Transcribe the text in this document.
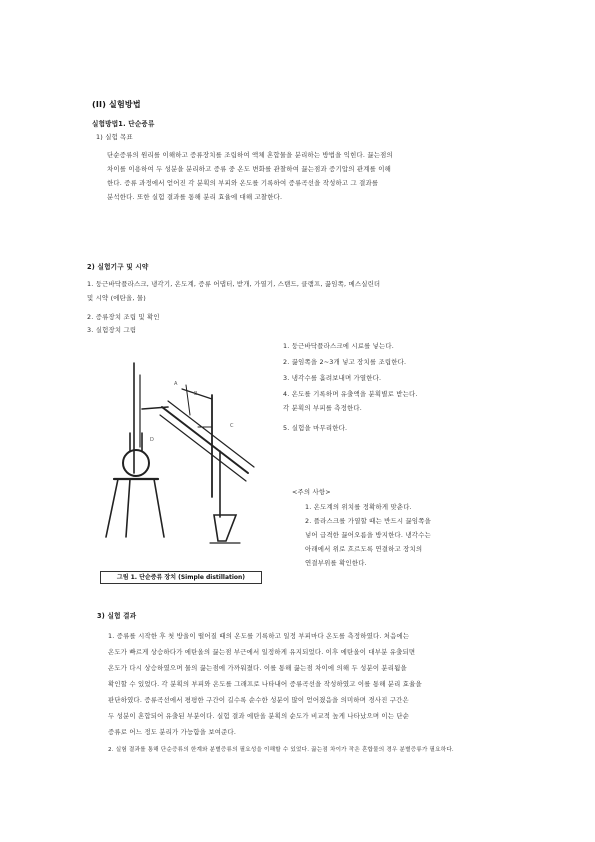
(II) 실험방법
실험방법1. 단순증류
1) 실험 목표
단순증류의 원리를 이해하고 증류장치를 조립하여 액체 혼합물을 분리하는 방법을 익힌다. 끓는점의
차이를 이용하여 두 성분을 분리하고 증류 중 온도 변화를 관찰하여 끓는점과 증기압의 관계를 이해
한다. 증류 과정에서 얻어진 각 분획의 부피와 온도를 기록하여 증류곡선을 작성하고 그 결과를
분석한다. 또한 실험 결과를 통해 분리 효율에 대해 고찰한다.
2) 실험기구 및 시약
1. 둥근바닥플라스크, 냉각기, 온도계, 증류 어댑터, 받개, 가열기, 스탠드, 클램프, 끓임쪽, 메스실린더
및 시약 (에탄올, 물)
2. 증류장치 조립 및 확인
3. 실험장치 그림
1. 둥근바닥플라스크에 시료를 넣는다.
2. 끓임쪽을 2~3개 넣고 장치를 조립한다.
3. 냉각수를 흘려보내며 가열한다.
4. 온도를 기록하며 유출액을 분획별로 받는다.
각 분획의 부피를 측정한다.
5. 실험을 마무리한다.
<주의 사항>
1. 온도계의 위치를 정확하게 맞춘다.
2. 플라스크를 가열할 때는 반드시 끓임쪽을
넣어 급격한 끓어오름을 방지한다. 냉각수는
아래에서 위로 흐르도록 연결하고 장치의
연결부위를 확인한다.
A
B
C
D
그림 1. 단순증류 장치 (Simple distillation)
3) 실험 결과
1. 증류를 시작한 후 첫 방울이 떨어질 때의 온도를 기록하고 일정 부피마다 온도를 측정하였다. 처음에는
온도가 빠르게 상승하다가 에탄올의 끓는점 부근에서 일정하게 유지되었다. 이후 에탄올이 대부분 유출되면
온도가 다시 상승하였으며 물의 끓는점에 가까워졌다. 이를 통해 끓는점 차이에 의해 두 성분이 분리됨을
확인할 수 있었다. 각 분획의 부피와 온도를 그래프로 나타내어 증류곡선을 작성하였고 이를 통해 분리 효율을
판단하였다. 증류곡선에서 평평한 구간이 길수록 순수한 성분이 많이 얻어졌음을 의미하며 경사진 구간은
두 성분이 혼합되어 유출된 부분이다. 실험 결과 에탄올 분획의 순도가 비교적 높게 나타났으며 이는 단순
증류로 어느 정도 분리가 가능함을 보여준다.
2. 실험 결과를 통해 단순증류의 한계와 분별증류의 필요성을 이해할 수 있었다. 끓는점 차이가 작은 혼합물의 경우 분별증류가 필요하다.
